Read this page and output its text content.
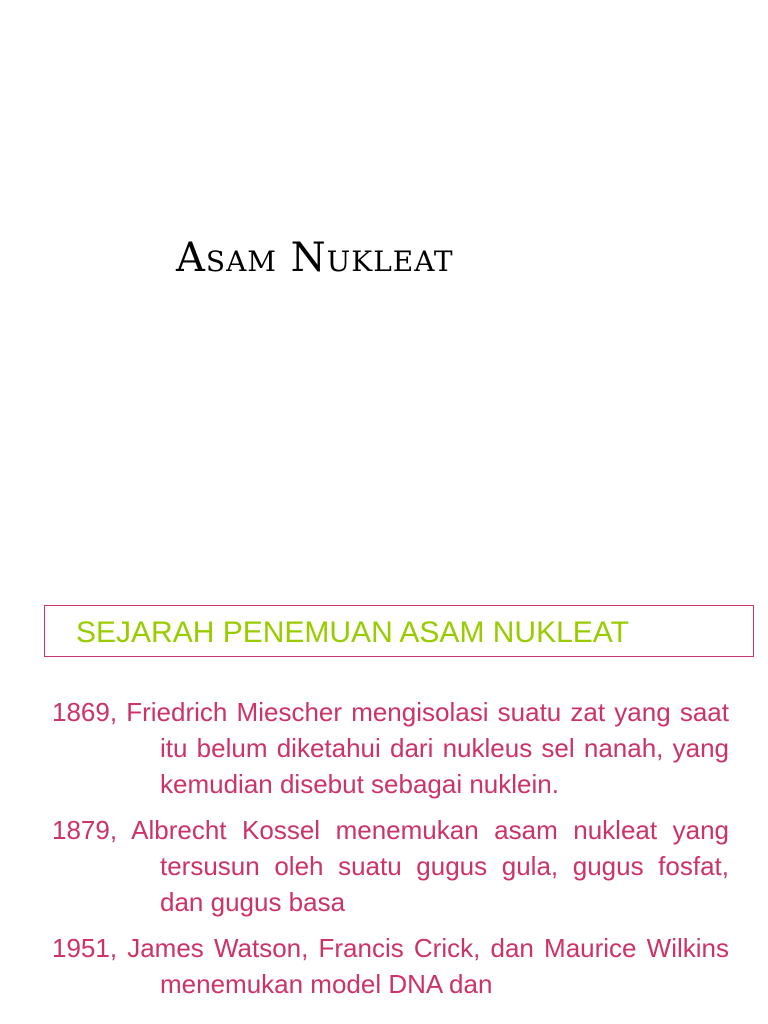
Asam Nukleat
SEJARAH PENEMUAN ASAM NUKLEAT
1869, Friedrich Miescher mengisolasi suatu zat yang saat itu belum diketahui dari nukleus sel nanah, yang kemudian disebut sebagai nuklein.
1879, Albrecht Kossel menemukan asam nukleat yang tersusun oleh suatu gugus gula, gugus fosfat, dan gugus basa
1951, James Watson, Francis Crick, dan Maurice Wilkins menemukan model DNA dan
